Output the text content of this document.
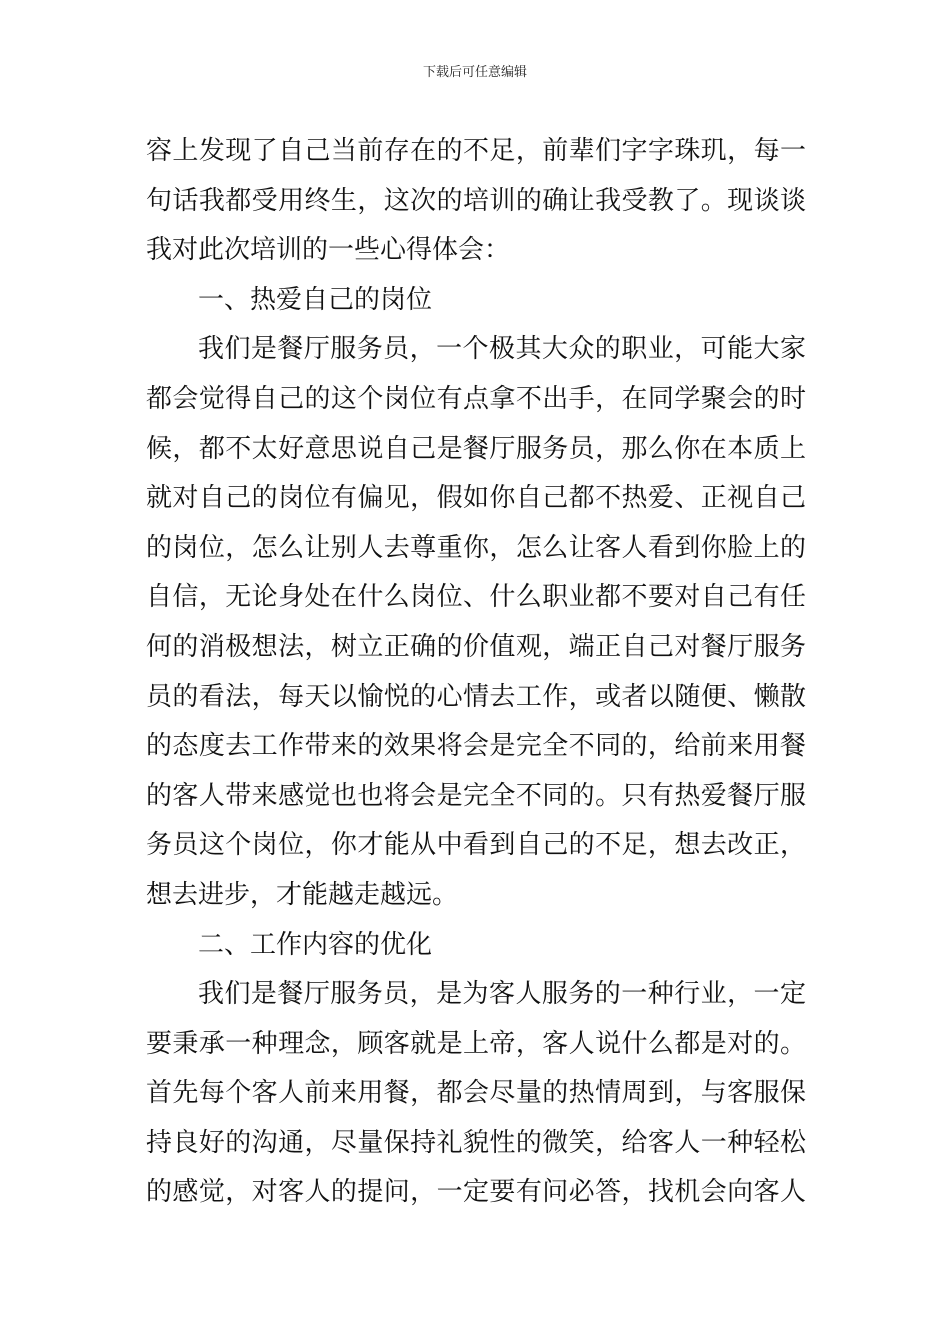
下载后可任意编辑
容上发现了自己当前存在的不足，前辈们字字珠玑，每一
句话我都受用终生，这次的培训的确让我受教了。现谈谈
我对此次培训的一些心得体会：
一、热爱自己的岗位
我们是餐厅服务员，一个极其大众的职业，可能大家
都会觉得自己的这个岗位有点拿不出手，在同学聚会的时
候，都不太好意思说自己是餐厅服务员，那么你在本质上
就对自己的岗位有偏见，假如你自己都不热爱、正视自己
的岗位，怎么让别人去尊重你，怎么让客人看到你脸上的
自信，无论身处在什么岗位、什么职业都不要对自己有任
何的消极想法，树立正确的价值观，端正自己对餐厅服务
员的看法，每天以愉悦的心情去工作，或者以随便、懒散
的态度去工作带来的效果将会是完全不同的，给前来用餐
的客人带来感觉也也将会是完全不同的。只有热爱餐厅服
务员这个岗位，你才能从中看到自己的不足，想去改正，
想去进步，才能越走越远。
二、工作内容的优化
我们是餐厅服务员，是为客人服务的一种行业，一定
要秉承一种理念，顾客就是上帝，客人说什么都是对的。
首先每个客人前来用餐，都会尽量的热情周到，与客服保
持良好的沟通，尽量保持礼貌性的微笑，给客人一种轻松
的感觉，对客人的提问，一定要有问必答，找机会向客人
